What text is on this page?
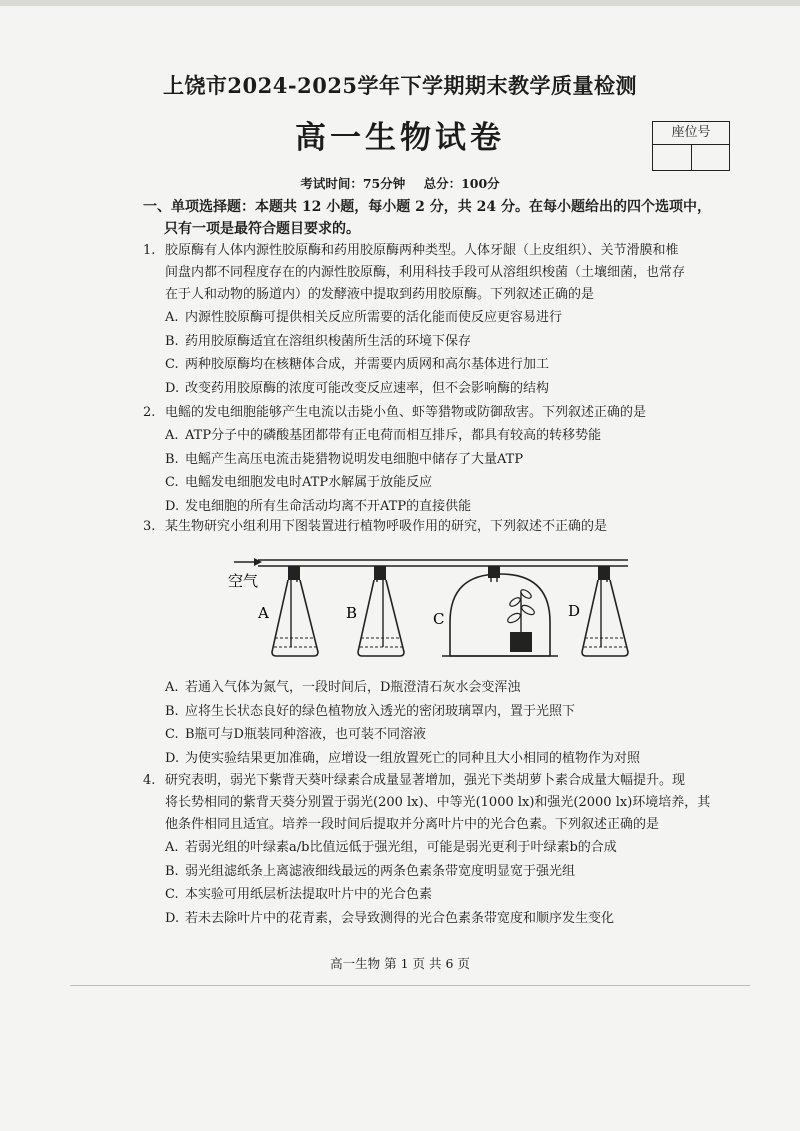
上饶市2024-2025学年下学期期末教学质量检测
高一生物试卷	座位号
考试时间：75分钟 总分：100分
一、单项选择题：本题共 12 小题，每小题 2 分，共 24 分。在每小题给出的四个选项中，
只有一项是最符合题目要求的。
1. 胶原酶有人体内源性胶原酶和药用胶原酶两种类型。人体牙龈（上皮组织）、关节滑膜和椎
间盘内都不同程度存在的内源性胶原酶，利用科技手段可从溶组织梭菌（土壤细菌，也常存
在于人和动物的肠道内）的发酵液中提取到药用胶原酶。下列叙述正确的是
A. 内源性胶原酶可提供相关反应所需要的活化能而使反应更容易进行
B. 药用胶原酶适宜在溶组织梭菌所生活的环境下保存
C. 两种胶原酶均在核糖体合成，并需要内质网和高尔基体进行加工
D. 改变药用胶原酶的浓度可能改变反应速率，但不会影响酶的结构
2. 电鳐的发电细胞能够产生电流以击毙小鱼、虾等猎物或防御敌害。下列叙述正确的是
A. ATP分子中的磷酸基团都带有正电荷而相互排斥，都具有较高的转移势能
B. 电鳐产生高压电流击毙猎物说明发电细胞中储存了大量ATP
C. 电鳐发电细胞发电时ATP水解属于放能反应
D. 发电细胞的所有生命活动均离不开ATP的直接供能
3. 某生物研究小组利用下图装置进行植物呼吸作用的研究，下列叙述不正确的是
空气
A	B	C	D
A. 若通入气体为氮气，一段时间后，D瓶澄清石灰水会变浑浊
B. 应将生长状态良好的绿色植物放入透光的密闭玻璃罩内，置于光照下
C. B瓶可与D瓶装同种溶液，也可装不同溶液
D. 为使实验结果更加准确，应增设一组放置死亡的同种且大小相同的植物作为对照
4. 研究表明，弱光下紫背天葵叶绿素合成量显著增加，强光下类胡萝卜素合成量大幅提升。现
将长势相同的紫背天葵分别置于弱光(200 lx)、中等光(1000 lx)和强光(2000 lx)环境培养，其
他条件相同且适宜。培养一段时间后提取并分离叶片中的光合色素。下列叙述正确的是
A. 若弱光组的叶绿素a/b比值远低于强光组，可能是弱光更利于叶绿素b的合成
B. 弱光组滤纸条上离滤液细线最远的两条色素条带宽度明显宽于强光组
C. 本实验可用纸层析法提取叶片中的光合色素
D. 若未去除叶片中的花青素，会导致测得的光合色素条带宽度和顺序发生变化
高一生物 第 1 页 共 6 页
